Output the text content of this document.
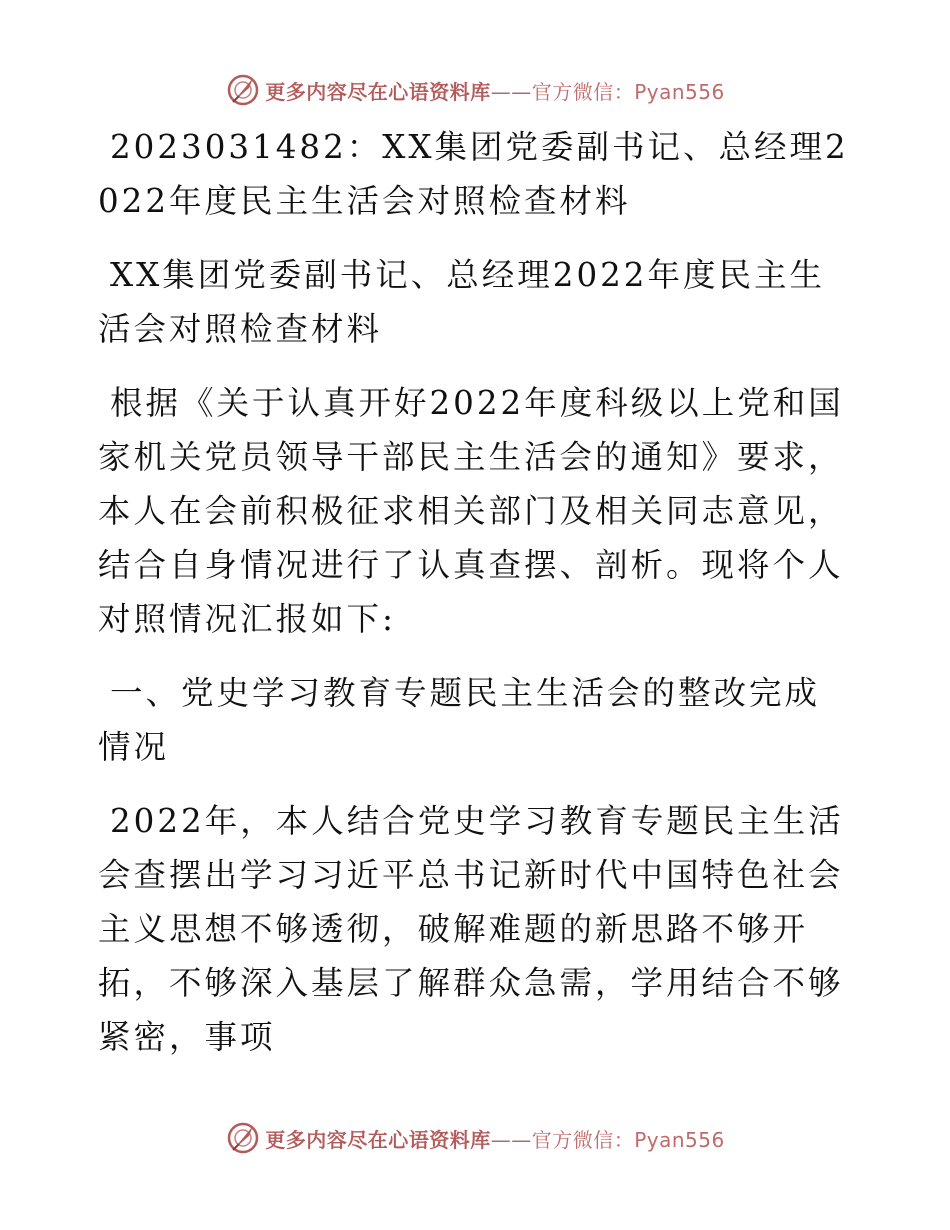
更多内容尽在心语资料库——官方微信：Pyan556

2023031482：XX集团党委副书记、总经理2022年度民主生活会对照检查材料

XX集团党委副书记、总经理2022年度民主生活会对照检查材料

根据《关于认真开好2022年度科级以上党和国家机关党员领导干部民主生活会的通知》要求，本人在会前积极征求相关部门及相关同志意见，结合自身情况进行了认真查摆、剖析。现将个人对照情况汇报如下:

一、党史学习教育专题民主生活会的整改完成情况

2022年，本人结合党史学习教育专题民主生活会查摆出学习习近平总书记新时代中国特色社会主义思想不够透彻，破解难题的新思路不够开拓，不够深入基层了解群众急需，学用结合不够紧密，事项

更多内容尽在心语资料库——官方微信：Pyan556
